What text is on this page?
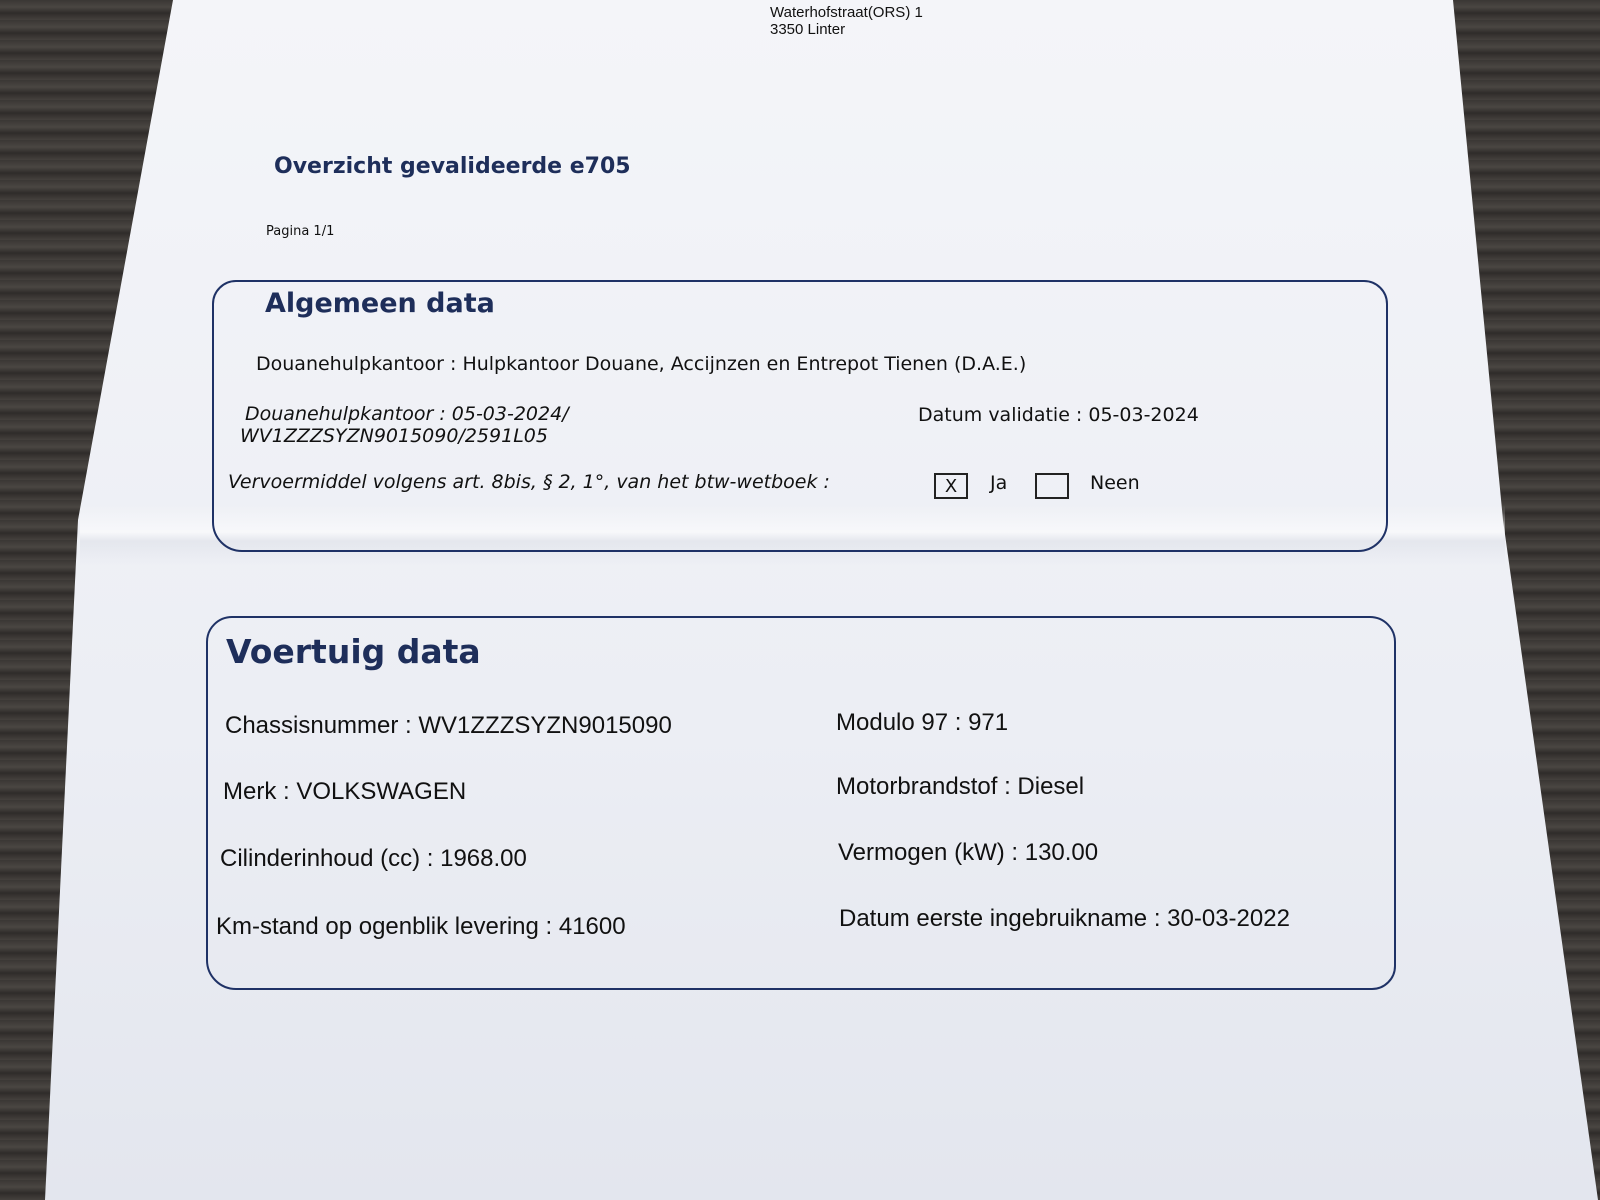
Waterhofstraat(ORS) 1
3350 Linter
Overzicht gevalideerde e705
Pagina 1/1
Algemeen data
Douanehulpkantoor : Hulpkantoor Douane, Accijnzen en Entrepot Tienen (D.A.E.)
Douanehulpkantoor : 05-03-2024/
WV1ZZZSYZN9015090/2591L05
Datum validatie : 05-03-2024
Vervoermiddel volgens art. 8bis, § 2, 1°, van het btw-wetboek :	X Ja	Neen
Voertuig data
Chassisnummer : WV1ZZZSYZN9015090	Modulo 97 : 971
Merk : VOLKSWAGEN	Motorbrandstof : Diesel
Cilinderinhoud (cc) : 1968.00	Vermogen (kW) : 130.00
Km-stand op ogenblik levering : 41600	Datum eerste ingebruikname : 30-03-2022
